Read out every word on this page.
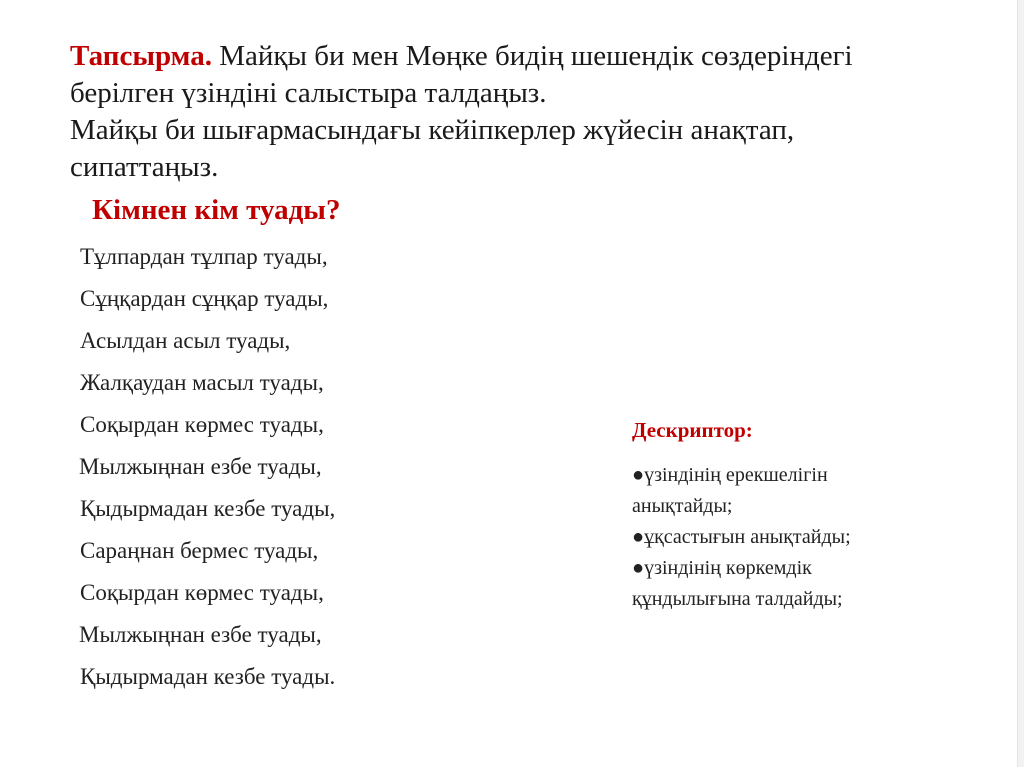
Тапсырма. Майқы би мен Мөңке бидің шешендік сөздеріндегі
берілген үзіндіні салыстыра талдаңыз.
Майқы би шығармасындағы кейіпкерлер жүйесін анақтап,
сипаттаңыз.
Кімнен кім туады?
Тұлпардан тұлпар туады,
Сұңқардан сұңқар туады,
Асылдан асыл туады,
Жалқаудан масыл туады,
Соқырдан көрмес туады,
Мылжыңнан езбе туады,
Қыдырмадан кезбе туады,
Сараңнан бермес туады,
Соқырдан көрмес туады,
Мылжыңнан езбе туады,
Қыдырмадан кезбе туады.
Дескриптор:
●үзіндінің ерекшелігін
анықтайды;
●ұқсастығын анықтайды;
●үзіндінің көркемдік
құндылығына талдайды;
